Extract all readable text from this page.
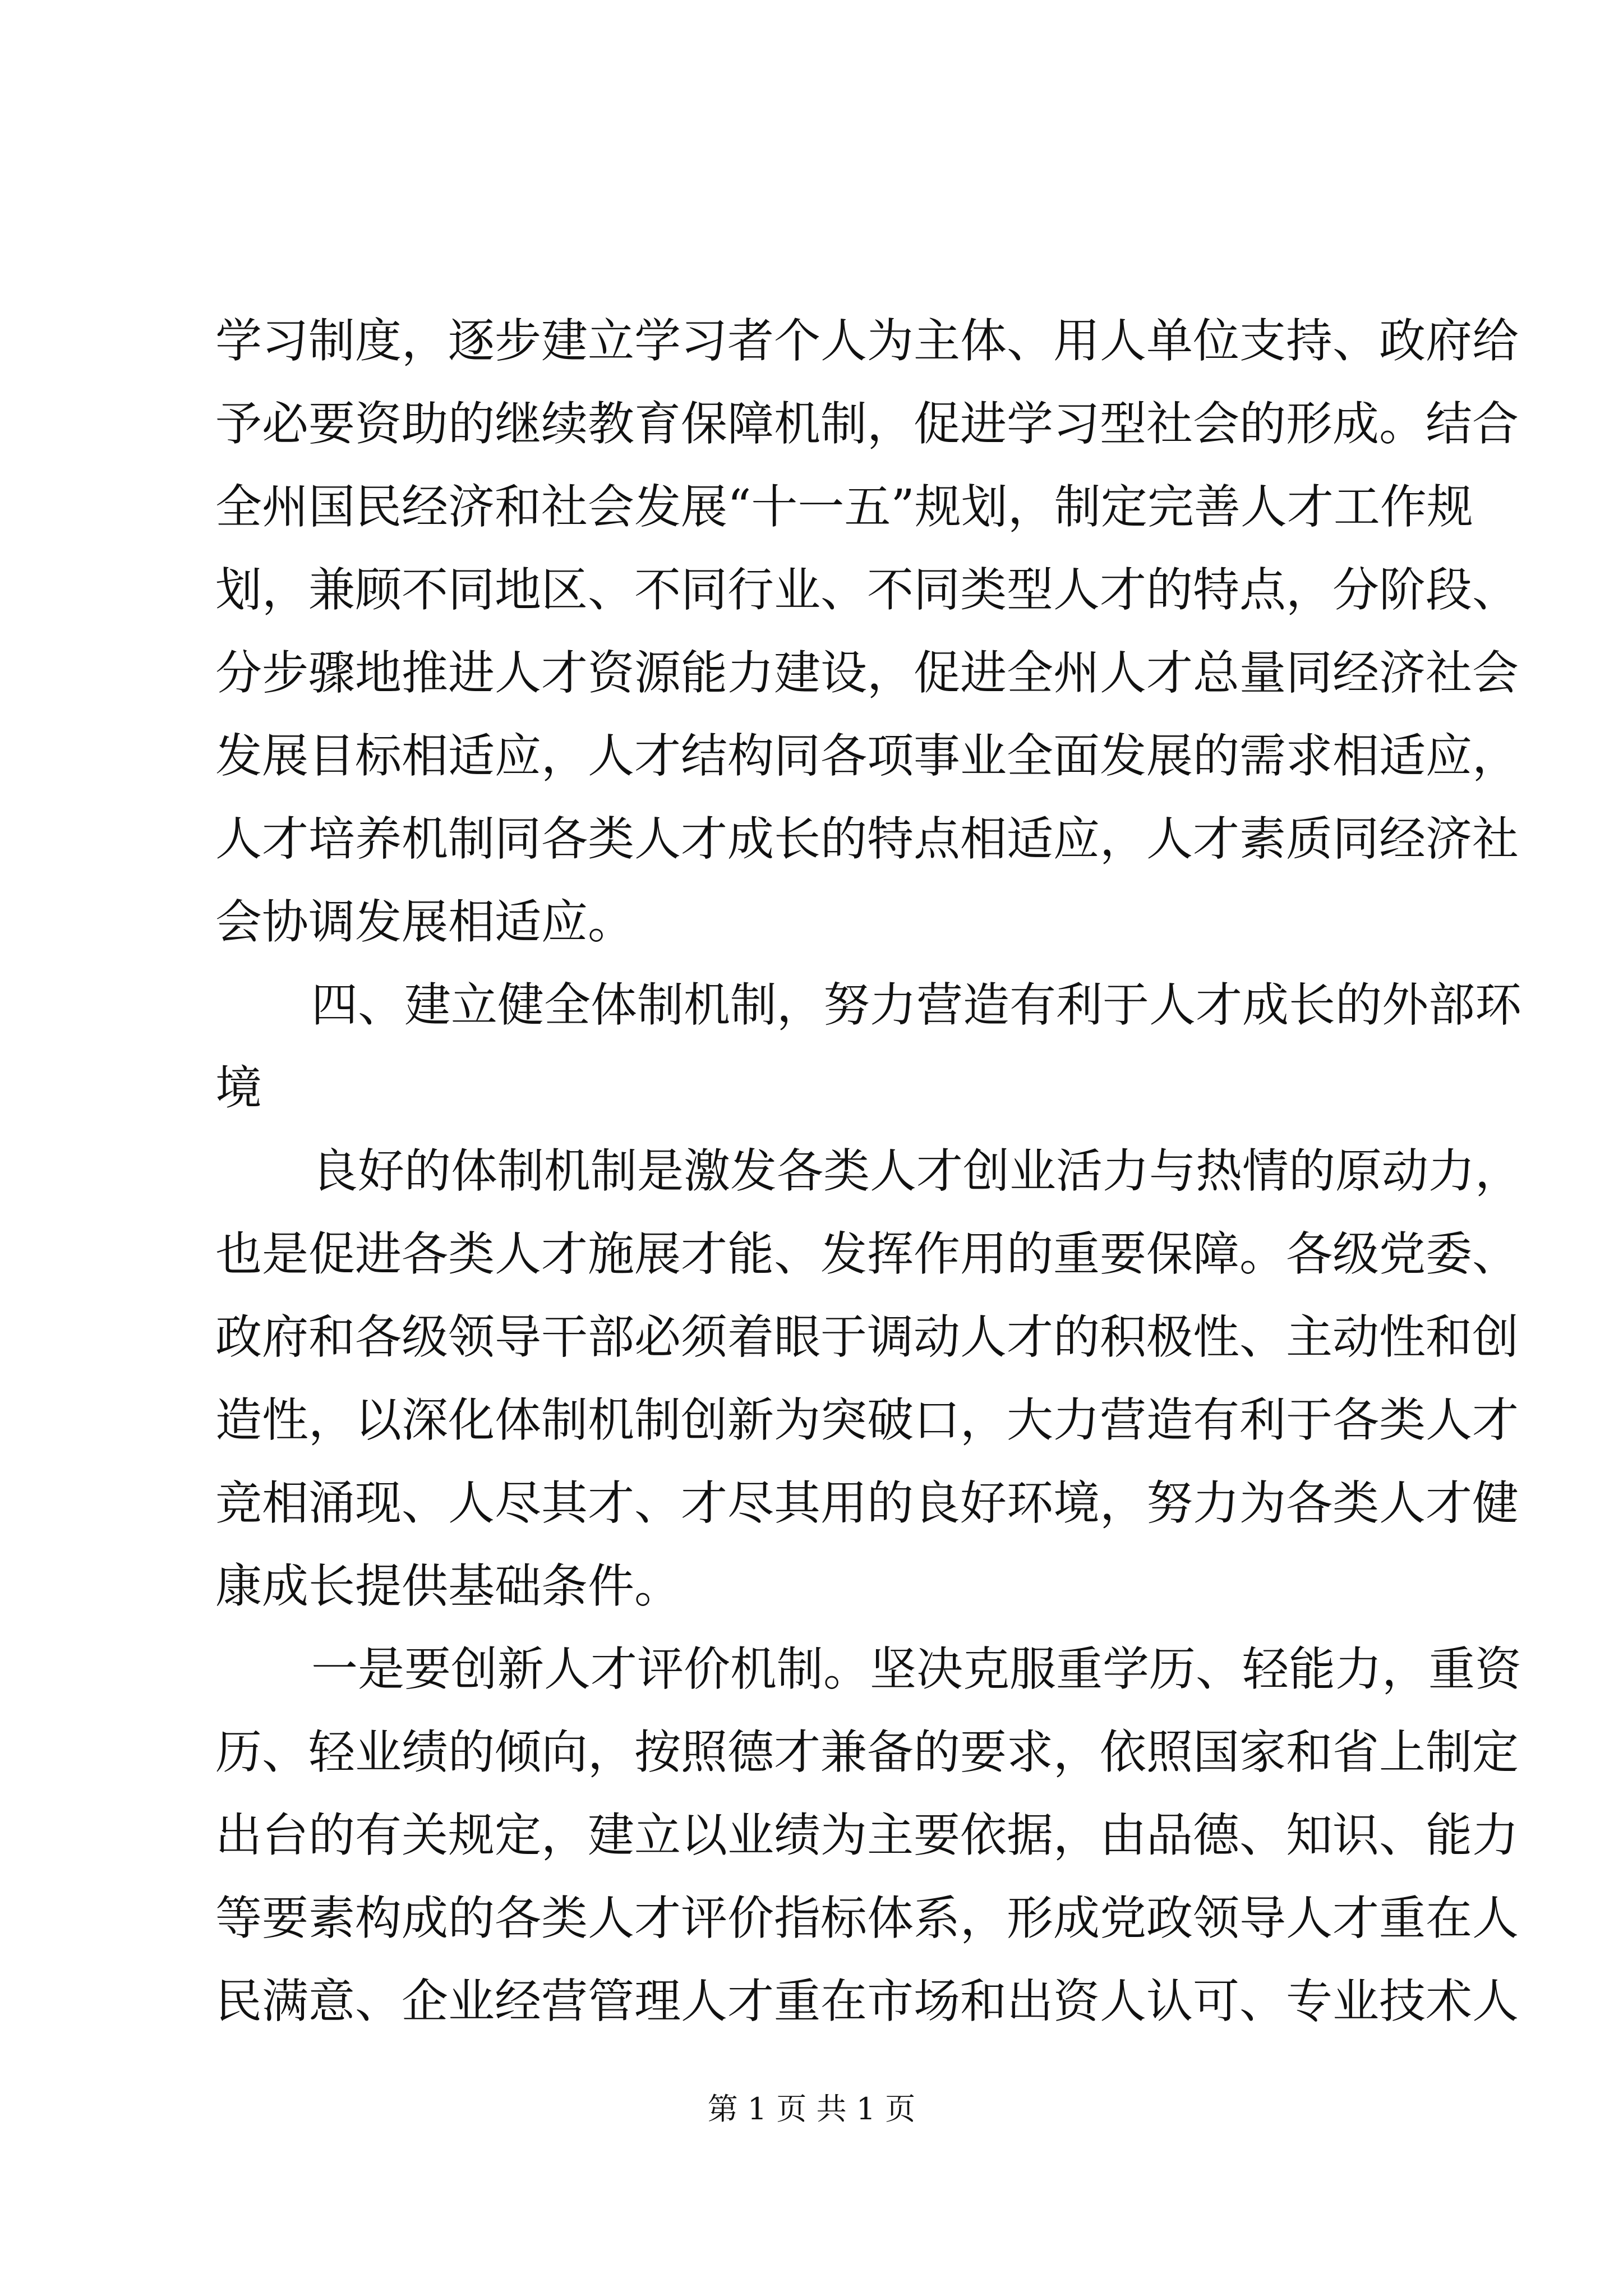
学习制度，逐步建立学习者个人为主体、用人单位支持、政府给
予必要资助的继续教育保障机制，促进学习型社会的形成。结合
全州国民经济和社会发展“十一五”规划，制定完善人才工作规
划，兼顾不同地区、不同行业、不同类型人才的特点，分阶段、
分步骤地推进人才资源能力建设，促进全州人才总量同经济社会
发展目标相适应，人才结构同各项事业全面发展的需求相适应，
人才培养机制同各类人才成长的特点相适应，人才素质同经济社
会协调发展相适应。
四、建立健全体制机制，努力营造有利于人才成长的外部环
境
良好的体制机制是激发各类人才创业活力与热情的原动力，
也是促进各类人才施展才能、发挥作用的重要保障。各级党委、
政府和各级领导干部必须着眼于调动人才的积极性、主动性和创
造性，以深化体制机制创新为突破口，大力营造有利于各类人才
竞相涌现、人尽其才、才尽其用的良好环境，努力为各类人才健
康成长提供基础条件。
一是要创新人才评价机制。坚决克服重学历、轻能力，重资
历、轻业绩的倾向，按照德才兼备的要求，依照国家和省上制定
出台的有关规定，建立以业绩为主要依据，由品德、知识、能力
等要素构成的各类人才评价指标体系，形成党政领导人才重在人
民满意、企业经营管理人才重在市场和出资人认可、专业技术人
第 1 页 共 1 页
